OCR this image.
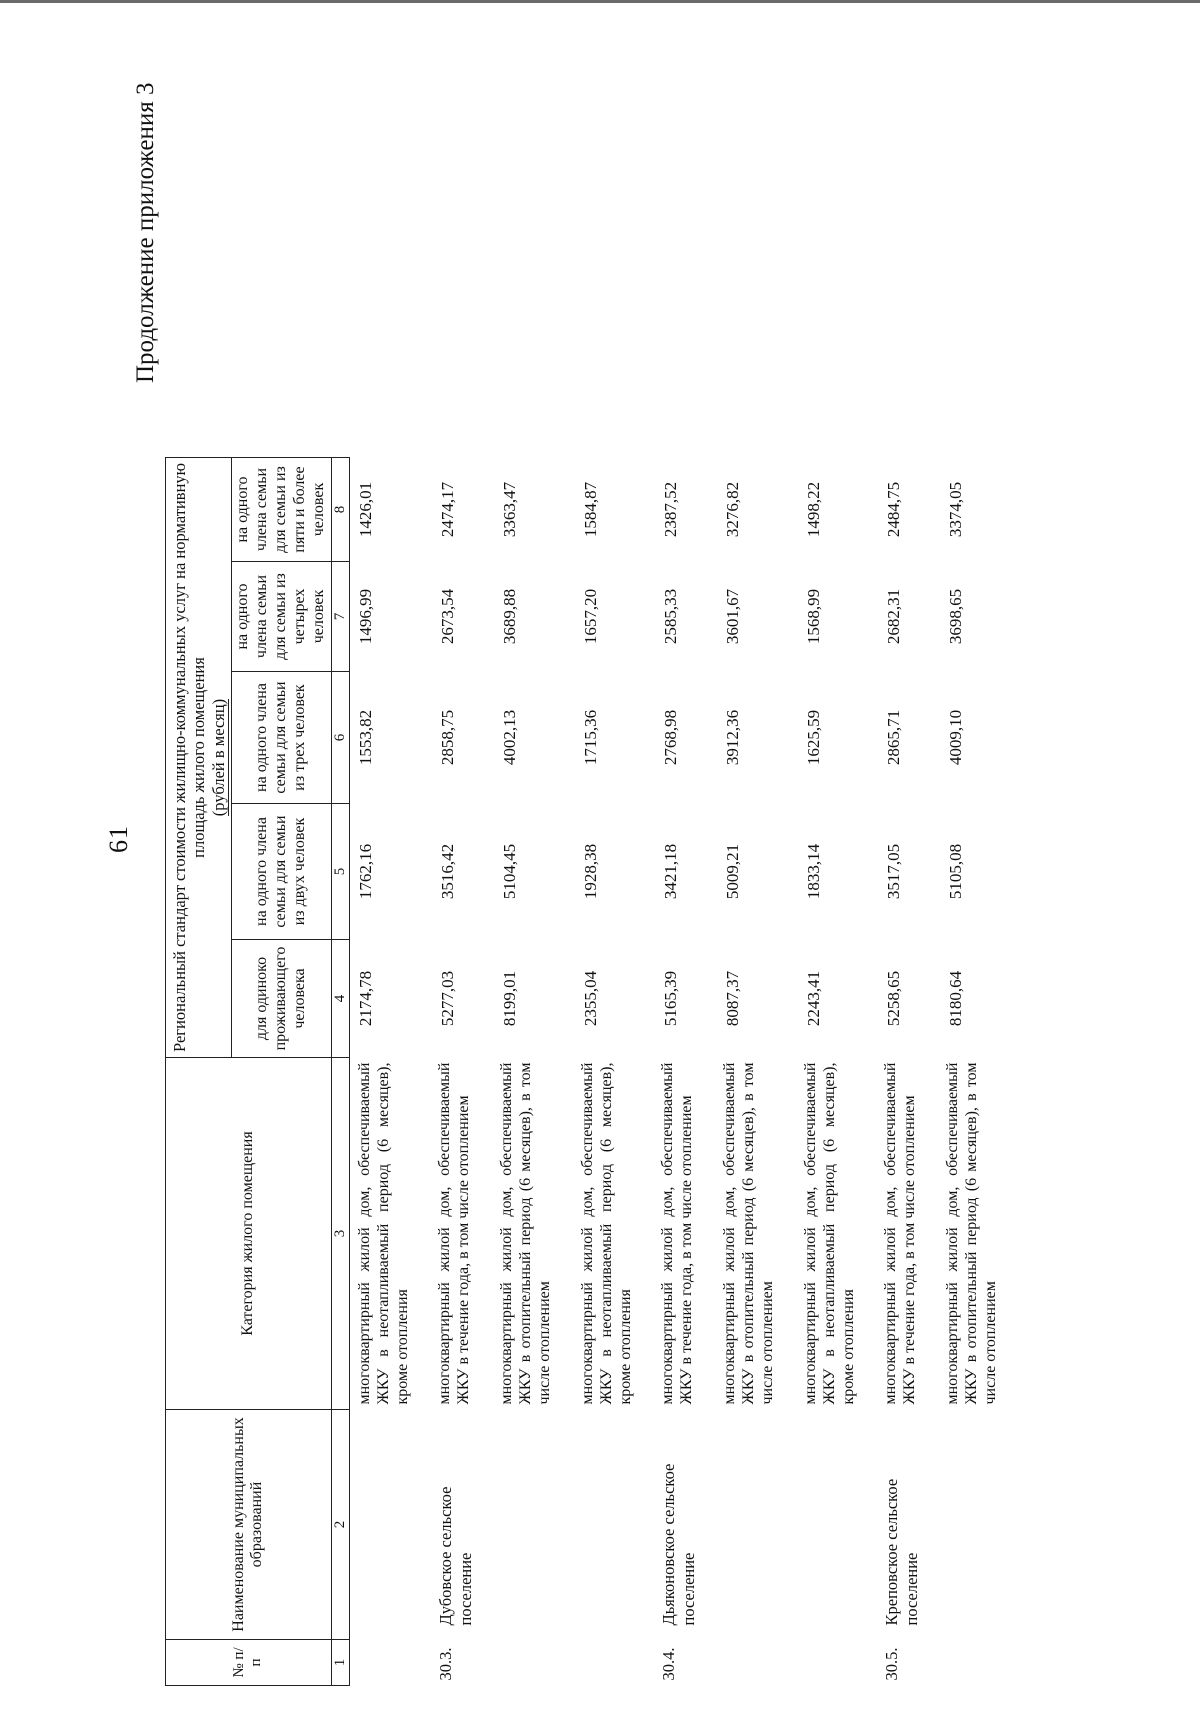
61
Продолжение приложения 3
№ п/п	Наименование муниципальных образований	Категория жилого помещения	Региональный стандарт стоимости жилищно-коммунальных услуг на нормативную площадь жилого помещения (рублей в месяц)				
			для одиноко проживающего человека	на одного члена семьи для семьи из двух человек	на одного члена семьи для семьи из трех человек	на одного члена семьи для семьи из четырех человек	на одного члена семьи для семьи из пяти и более человек
1	2	3	4	5	6	7	8
		многоквартирный жилой дом, обеспечиваемый ЖКУ в неотапливаемый период (6 месяцев), кроме отопления	2174,78	1762,16	1553,82	1496,99	1426,01
30.3.	Дубовское сельское поселение	многоквартирный жилой дом, обеспечиваемый ЖКУ в течение года, в том числе отоплением	5277,03	3516,42	2858,75	2673,54	2474,17
		многоквартирный жилой дом, обеспечиваемый ЖКУ в отопительный период (6 месяцев), в том числе отоплением	8199,01	5104,45	4002,13	3689,88	3363,47
		многоквартирный жилой дом, обеспечиваемый ЖКУ в неотапливаемый период (6 месяцев), кроме отопления	2355,04	1928,38	1715,36	1657,20	1584,87
30.4.	Дьяконовское сельское поселение	многоквартирный жилой дом, обеспечиваемый ЖКУ в течение года, в том числе отоплением	5165,39	3421,18	2768,98	2585,33	2387,52
		многоквартирный жилой дом, обеспечиваемый ЖКУ в отопительный период (6 месяцев), в том числе отоплением	8087,37	5009,21	3912,36	3601,67	3276,82
		многоквартирный жилой дом, обеспечиваемый ЖКУ в неотапливаемый период (6 месяцев), кроме отопления	2243,41	1833,14	1625,59	1568,99	1498,22
30.5.	Креповское сельское поселение	многоквартирный жилой дом, обеспечиваемый ЖКУ в течение года, в том числе отоплением	5258,65	3517,05	2865,71	2682,31	2484,75
		многоквартирный жилой дом, обеспечиваемый ЖКУ в отопительный период (6 месяцев), в том числе отоплением	8180,64	5105,08	4009,10	3698,65	3374,05
